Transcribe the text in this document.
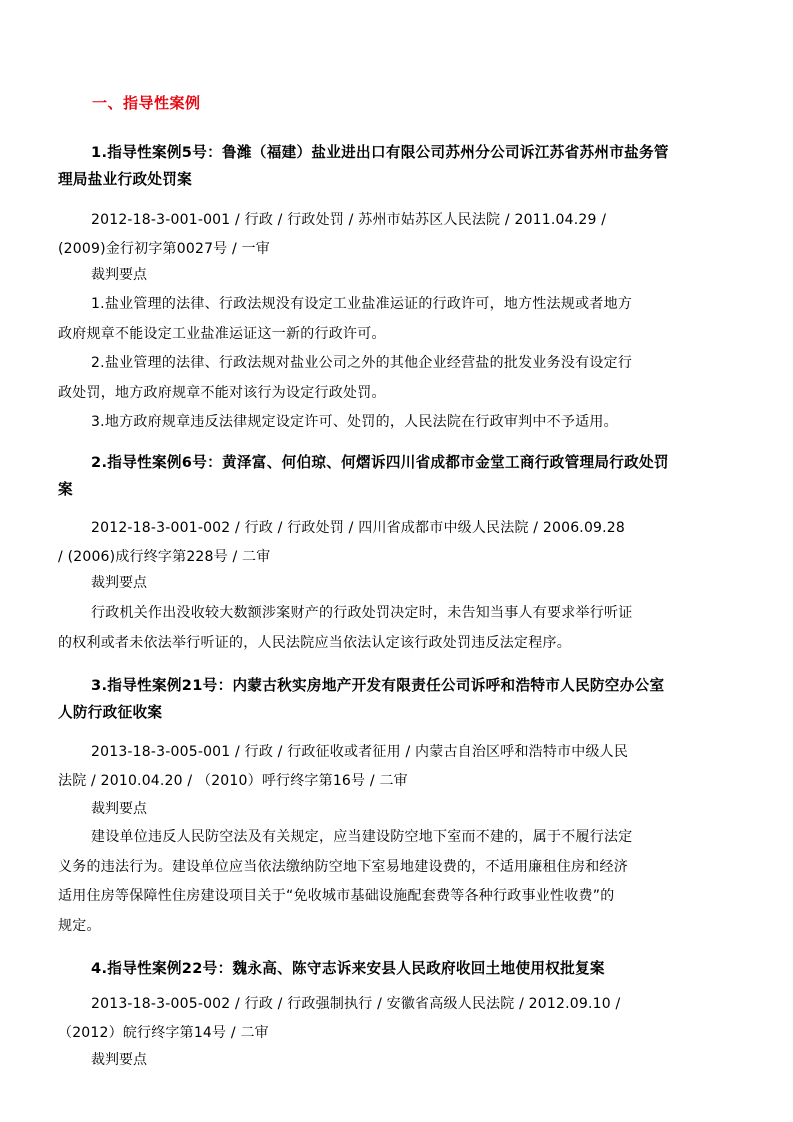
一、指导性案例
1.指导性案例5号：鲁潍（福建）盐业进出口有限公司苏州分公司诉江苏省苏州市盐务管
理局盐业行政处罚案
2012-18-3-001-001 / 行政 / 行政处罚 / 苏州市姑苏区人民法院 / 2011.04.29 /
(2009)金行初字第0027号 / 一审
裁判要点
1.盐业管理的法律、行政法规没有设定工业盐准运证的行政许可，地方性法规或者地方
政府规章不能设定工业盐准运证这一新的行政许可。
2.盐业管理的法律、行政法规对盐业公司之外的其他企业经营盐的批发业务没有设定行
政处罚，地方政府规章不能对该行为设定行政处罚。
3.地方政府规章违反法律规定设定许可、处罚的，人民法院在行政审判中不予适用。
2.指导性案例6号：黄泽富、何伯琼、何熠诉四川省成都市金堂工商行政管理局行政处罚
案
2012-18-3-001-002 / 行政 / 行政处罚 / 四川省成都市中级人民法院 / 2006.09.28
/ (2006)成行终字第228号 / 二审
裁判要点
行政机关作出没收较大数额涉案财产的行政处罚决定时，未告知当事人有要求举行听证
的权利或者未依法举行听证的，人民法院应当依法认定该行政处罚违反法定程序。
3.指导性案例21号：内蒙古秋实房地产开发有限责任公司诉呼和浩特市人民防空办公室
人防行政征收案
2013-18-3-005-001 / 行政 / 行政征收或者征用 / 内蒙古自治区呼和浩特市中级人民
法院 / 2010.04.20 / （2010）呼行终字第16号 / 二审
裁判要点
建设单位违反人民防空法及有关规定，应当建设防空地下室而不建的，属于不履行法定
义务的违法行为。建设单位应当依法缴纳防空地下室易地建设费的，不适用廉租住房和经济
适用住房等保障性住房建设项目关于“免收城市基础设施配套费等各种行政事业性收费”的
规定。
4.指导性案例22号：魏永高、陈守志诉来安县人民政府收回土地使用权批复案
2013-18-3-005-002 / 行政 / 行政强制执行 / 安徽省高级人民法院 / 2012.09.10 /
（2012）皖行终字第14号 / 二审
裁判要点
